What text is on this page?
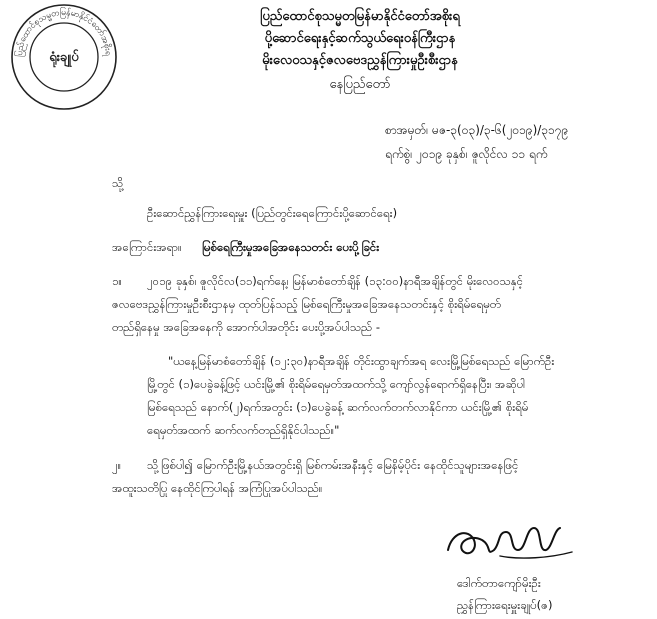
ပြည်ထောင်စုသမ္မတမြန်မာနိုင်ငံတော်အစိုးရ
ရုံးချုပ်
ပြည်ထောင်စုသမ္မတမြန်မာနိုင်ငံတော်အစိုးရ
ပို့ဆောင်ရေးနှင့်ဆက်သွယ်ရေးဝန်ကြီးဌာန
မိုးလေဝသနှင့်ဇလဗေဒညွှန်ကြားမှုဦးစီးဌာန
နေပြည်တော်
စာအမှတ်၊ မဇ-၃(၀၃)/၃-၆(၂၀၁၉)/၃၁၇၉
ရက်စွဲ၊ ၂၀၁၉ ခုနှစ်၊ ဇူလိုင်လ ၁၁ ရက်
သို့
ဦးဆောင်ညွှန်ကြားရေးမှူး (ပြည်တွင်းရေကြောင်းပို့ဆောင်ရေး)
အကြောင်းအရာ။ မြစ်ရေကြီးမှုအခြေအနေသတင်း ပေးပို့ခြင်း
၁။ ၂၀၁၉ ခုနှစ်၊ ဇူလိုင်လ(၁၁)ရက်နေ့၊ မြန်မာစံတော်ချိန် (၁၃:၀၀)နာရီအချိန်တွင် မိုးလေဝသနှင့်
ဇလဗေဒညွှန်ကြားမှုဦးစီးဌာနမှ ထုတ်ပြန်သည့် မြစ်ရေကြီးမှုအခြေအနေသတင်းနှင့် စိုးရိမ်ရေမှတ်
တည်ရှိနေမှု အခြေအနေကို အောက်ပါအတိုင်း ပေးပို့အပ်ပါသည် -
"ယနေ့မြန်မာစံတော်ချိန် (၁၂:၃၀)နာရီအချိန် တိုင်းထွာချက်အရ လေးမြို့မြစ်ရေသည် မြောက်ဦး
မြို့တွင် (၁)ပေခွဲခန့်ဖြင့် ယင်းမြို့၏ စိုးရိမ်ရေမှတ်အထက်သို့ ကျော်လွန်ရောက်ရှိနေပြီး၊ အဆိုပါ
မြစ်ရေသည် နောက်(၂)ရက်အတွင်း (၁)ပေခွဲခန့် ဆက်လက်တက်လာနိုင်ကာ ယင်းမြို့၏ စိုးရိမ်
ရေမှတ်အထက် ဆက်လက်တည်ရှိနိုင်ပါသည်။"
၂။ သို့ဖြစ်ပါ၍ မြောက်ဦးမြို့နယ်အတွင်းရှိ မြစ်ကမ်းအနီးနှင့် မြေနိမ့်ပိုင်း နေထိုင်သူများအနေဖြင့်
အထူးသတိပြု နေထိုင်ကြပါရန် အကြံပြုအပ်ပါသည်။
ဒေါက်တာကျော်မိုးဦး
ညွှန်ကြားရေးမှူးချုပ်(ဇ)
